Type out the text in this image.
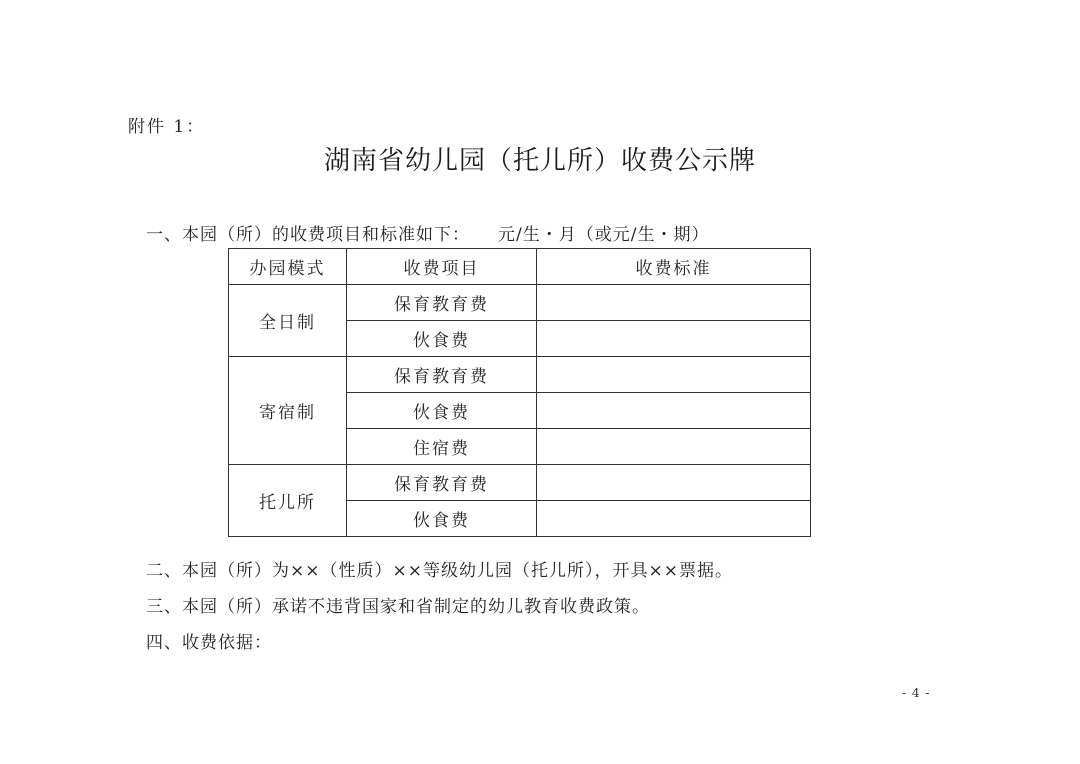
附件 1：
湖南省幼儿园（托儿所）收费公示牌
一、本园（所）的收费项目和标准如下： 元/生・月（或元/生・期）
办园模式	收费项目	收费标准
全日制	保育教育费	
	伙食费	
寄宿制	保育教育费	
	伙食费	
	住宿费	
托儿所	保育教育费	
	伙食费	
二、本园（所）为××（性质）××等级幼儿园（托儿所），开具××票据。
三、本园（所）承诺不违背国家和省制定的幼儿教育收费政策。
四、收费依据：
- 4 -
